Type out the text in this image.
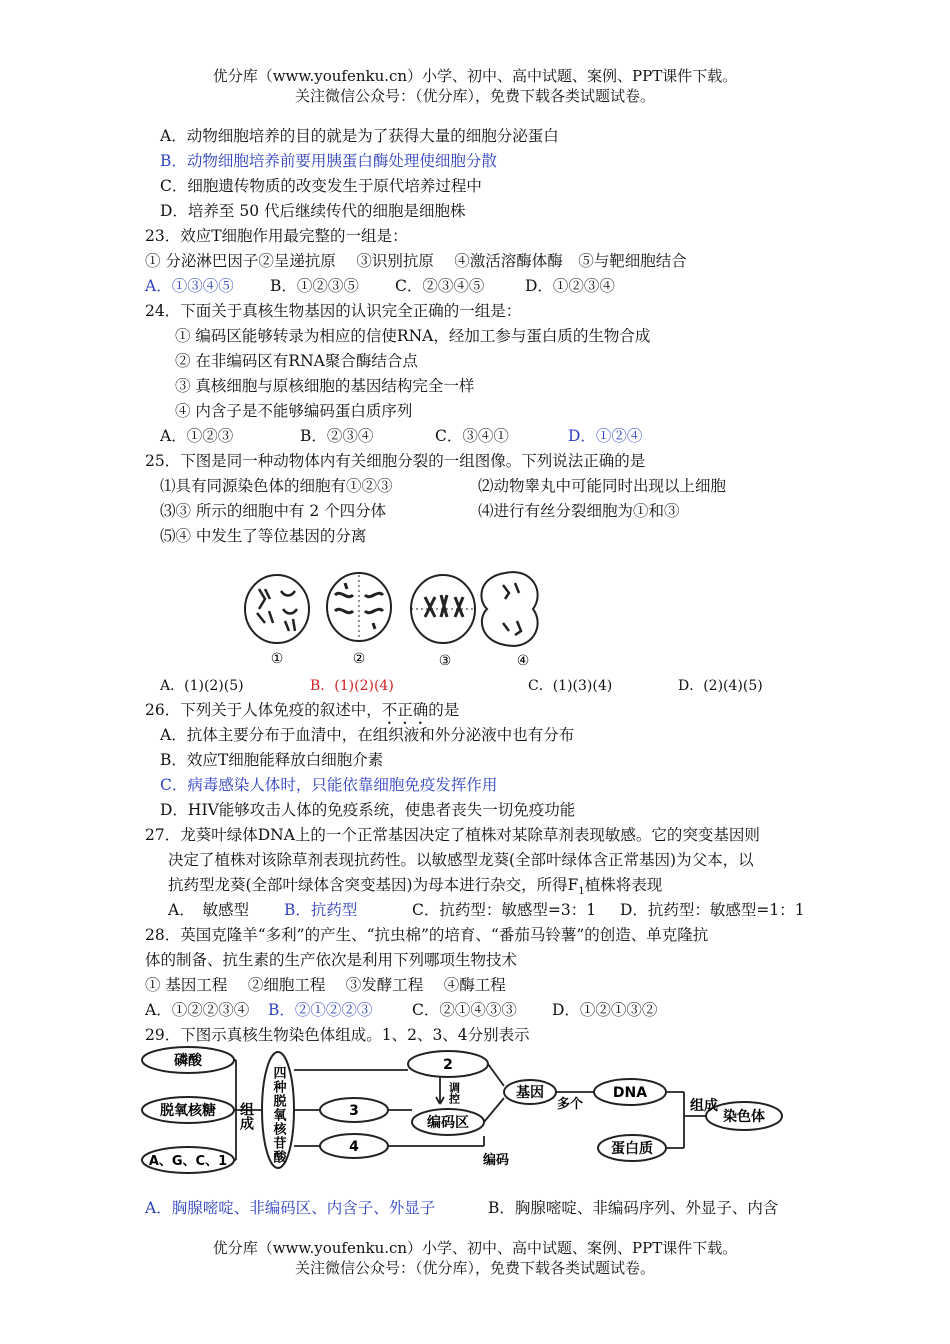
优分库（www.youfenku.cn）小学、初中、高中试题、案例、PPT课件下载。
关注微信公众号：（优分库），免费下载各类试题试卷。
A．动物细胞培养的目的就是为了获得大量的细胞分泌蛋白
B．动物细胞培养前要用胰蛋白酶处理使细胞分散
C．细胞遗传物质的改变发生于原代培养过程中
D．培养至 50 代后继续传代的细胞是细胞株
23．效应T细胞作用最完整的一组是：
① 分泌淋巴因子②呈递抗原　 ③识别抗原　 ④激活溶酶体酶　⑤与靶细胞结合
A．①③④⑤ B．①②③⑤ C．②③④⑤	D．①②③④
24．下面关于真核生物基因的认识完全正确的一组是：
① 编码区能够转录为相应的信使RNA，经加工参与蛋白质的生物合成
② 在非编码区有RNA聚合酶结合点
③ 真核细胞与原核细胞的基因结构完全一样
④ 内含子是不能够编码蛋白质序列
A．①②③	B．②③④	C．③④①	D．①②④
25．下图是同一种动物体内有关细胞分裂的一组图像。下列说法正确的是
⑴具有同源染色体的细胞有①②③	⑵动物睾丸中可能同时出现以上细胞
⑶③ 所示的细胞中有 2 个四分体	⑷进行有丝分裂细胞为①和③
⑸④ 中发生了等位基因的分离
①	②	③	④
A．(1)(2)(5)	B．(1)(2)(4)	C．(1)(3)(4)	D．(2)(4)(5)
26．下列关于人体免疫的叙述中，不正确的是
A．抗体主要分布于血清中，在组织液和外分泌液中也有分布
B．效应T细胞能释放白细胞介素
C．病毒感染人体时，只能依靠细胞免疫发挥作用
D．HIV能够攻击人体的免疫系统，使患者丧失一切免疫功能
27．龙葵叶绿体DNA上的一个正常基因决定了植株对某除草剂表现敏感。它的突变基因则
决定了植株对该除草剂表现抗药性。以敏感型龙葵(全部叶绿体含正常基因)为父本，以
抗药型龙葵(全部叶绿体含突变基因)为母本进行杂交，所得$F_1$植株将表现
A．　敏感型 B．抗药型	C．抗药型：敏感型=3：1 D．抗药型：敏感型=1：1
28．英国克隆羊“多利”的产生、“抗虫棉”的培育、“番茄马铃薯”的创造、单克隆抗
体的制备、抗生素的生产依次是利用下列哪项生物技术
① 基因工程　 ②细胞工程　 ③发酵工程　 ④酶工程
A．①②②③④ B．②①②②③	C．②①④③③ D．①②①③②
29．下图示真核生物染色体组成。1、2、3、4分别表示
磷酸
脱氧核糖
A、G、C、1
组成 四种脱氧核苷酸
2
3
4
调控
编码区
基因
多个
DNA
蛋白质
编码
组成
染色体
A．胸腺嘧啶、非编码区、内含子、外显子	B．胸腺嘧啶、非编码序列、外显子、内含
优分库（www.youfenku.cn）小学、初中、高中试题、案例、PPT课件下载。
关注微信公众号：（优分库），免费下载各类试题试卷。
